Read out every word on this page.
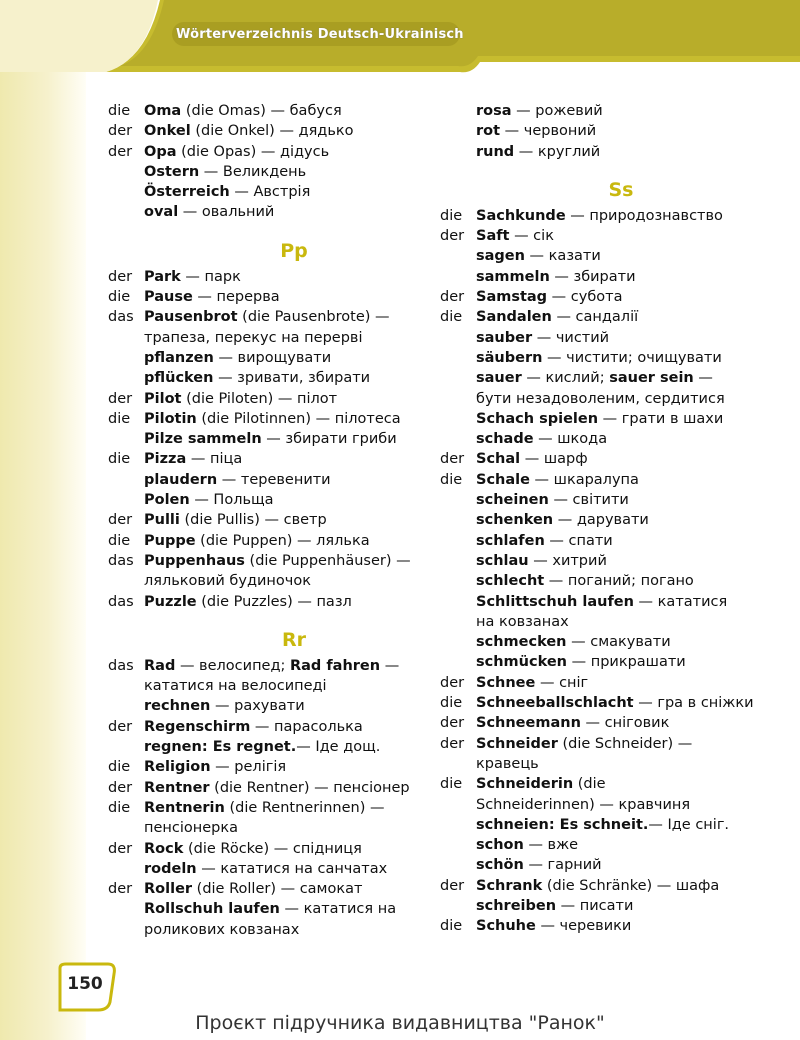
Wörterverzeichnis Deutsch-Ukrainisch
die Oma (die Omas) — бабуся
der Onkel (die Onkel) — дядько
der Opa (die Opas) — дідусь
Ostern — Великдень
Österreich — Австрія
oval — овальний
Pp
der Park — парк
die Pause — перерва
das Pausenbrot (die Pausenbrote) —
трапеза, перекус на перерві
pflanzen — вирощувати
pflücken — зривати, збирати
der Pilot (die Piloten) — пілот
die Pilotin (die Pilotinnen) — пілотеса
Pilze sammeln — збирати гриби
die Pizza — піца
plaudern — теревенити
Polen — Польща
der Pulli (die Pullis) — светр
die Puppe (die Puppen) — лялька
das Puppenhaus (die Puppenhäuser) —
ляльковий будиночок
das Puzzle (die Puzzles) — пазл
Rr
das Rad — велосипед; Rad fahren —
кататися на велосипеді
rechnen — рахувати
der Regenschirm — парасолька
regnen: Es regnet.— Іде дощ.
die Religion — релігія
der Rentner (die Rentner) — пенсіонер
die Rentnerin (die Rentnerinnen) —
пенсіонерка
der Rock (die Röcke) — спідниця
rodeln — кататися на санчатах
der Roller (die Roller) — самокат
Rollschuh laufen — кататися на
роликових ковзанах
rosa — рожевий
rot — червоний
rund — круглий
Ss
die Sachkunde — природознавство
der Saft — сік
sagen — казати
sammeln — збирати
der Samstag — субота
die Sandalen — сандалії
sauber — чистий
säubern — чистити; очищувати
sauer — кислий; sauer sein —
бути незадоволеним, сердитися
Schach spielen — грати в шахи
schade — шкода
der Schal — шарф
die Schale — шкаралупа
scheinen — світити
schenken — дарувати
schlafen — спати
schlau — хитрий
schlecht — поганий; погано
Schlittschuh laufen — кататися
на ковзанах
schmecken — смакувати
schmücken — прикрашати
der Schnee — сніг
die Schneeballschlacht — гра в сніжки
der Schneemann — сніговик
der Schneider (die Schneider) —
кравець
die Schneiderin (die
Schneiderinnen) — кравчиня
schneien: Es schneit.— Іде сніг.
schon — вже
schön — гарний
der Schrank (die Schränke) — шафа
schreiben — писати
die Schuhe — черевики
150
Проєкт підручника видавництва "Ранок"
